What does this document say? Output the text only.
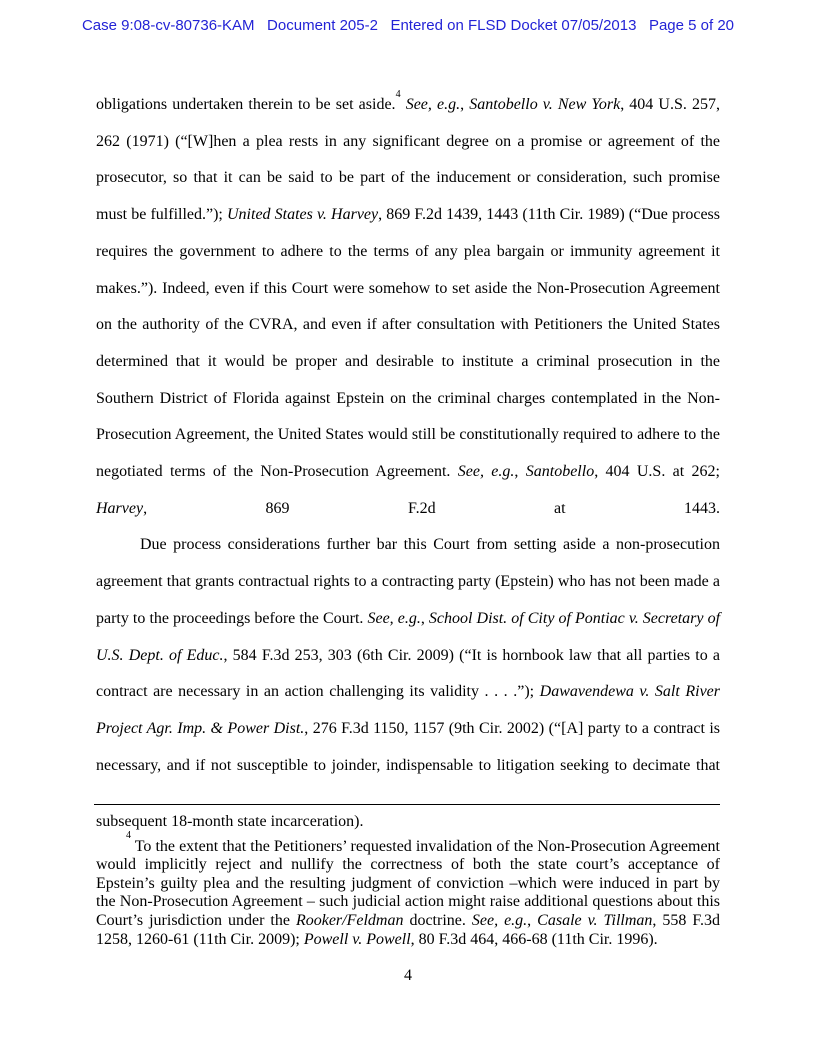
Case 9:08-cv-80736-KAM   Document 205-2   Entered on FLSD Docket 07/05/2013   Page 5 of 20

obligations undertaken therein to be set aside.$^4$ See, e.g., Santobello v. New York, 404 U.S. 257, 262 (1971) (“[W]hen a plea rests in any significant degree on a promise or agreement of the prosecutor, so that it can be said to be part of the inducement or consideration, such promise must be fulfilled.”); United States v. Harvey, 869 F.2d 1439, 1443 (11th Cir. 1989) (“Due process requires the government to adhere to the terms of any plea bargain or immunity agreement it makes.”). Indeed, even if this Court were somehow to set aside the Non-Prosecution Agreement on the authority of the CVRA, and even if after consultation with Petitioners the United States determined that it would be proper and desirable to institute a criminal prosecution in the Southern District of Florida against Epstein on the criminal charges contemplated in the Non-Prosecution Agreement, the United States would still be constitutionally required to adhere to the negotiated terms of the Non-Prosecution Agreement. See, e.g., Santobello, 404 U.S. at 262; Harvey, 869 F.2d at 1443.

Due process considerations further bar this Court from setting aside a non-prosecution agreement that grants contractual rights to a contracting party (Epstein) who has not been made a party to the proceedings before the Court. See, e.g., School Dist. of City of Pontiac v. Secretary of U.S. Dept. of Educ., 584 F.3d 253, 303 (6th Cir. 2009) (“It is hornbook law that all parties to a contract are necessary in an action challenging its validity . . . .”); Dawavendewa v. Salt River Project Agr. Imp. & Power Dist., 276 F.3d 1150, 1157 (9th Cir. 2002) (“[A] party to a contract is necessary, and if not susceptible to joinder, indispensable to litigation seeking to decimate that

subsequent 18-month state incarceration).

$^4$ To the extent that the Petitioners’ requested invalidation of the Non-Prosecution Agreement would implicitly reject and nullify the correctness of both the state court’s acceptance of Epstein’s guilty plea and the resulting judgment of conviction –which were induced in part by the Non-Prosecution Agreement – such judicial action might raise additional questions about this Court’s jurisdiction under the Rooker/Feldman doctrine. See, e.g., Casale v. Tillman, 558 F.3d 1258, 1260-61 (11th Cir. 2009); Powell v. Powell, 80 F.3d 464, 466-68 (11th Cir. 1996).

4
